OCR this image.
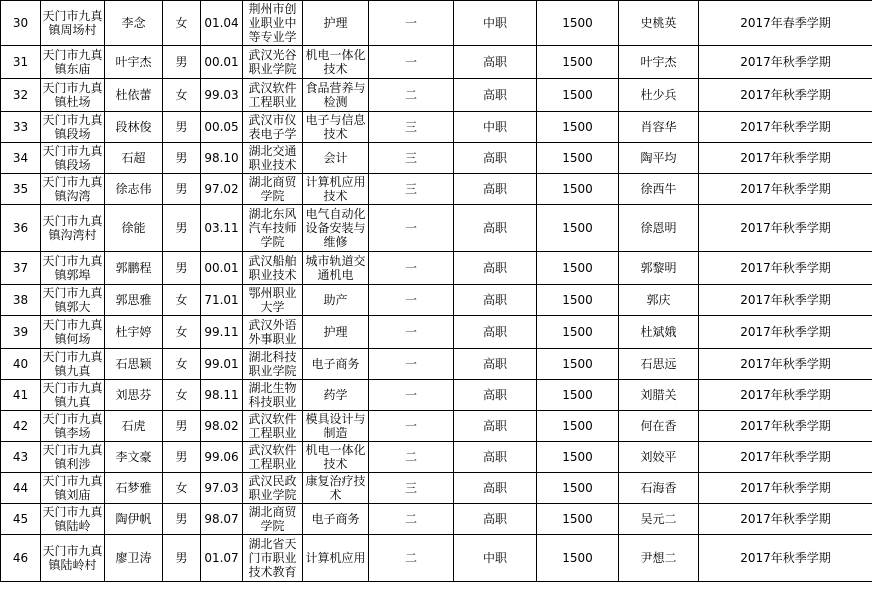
30	天门市九真镇周场村	李念	女	01.04	荆州市创业职业中等专业学	护理	一	中职	1500	史桃英	2017年春季学期
31	天门市九真镇东庙	叶宇杰	男	00.01	武汉光谷职业学院	机电一体化技术	一	高职	1500	叶宇杰	2017年秋季学期
32	天门市九真镇杜场	杜依蕾	女	99.03	武汉软件工程职业	食品营养与检测	二	高职	1500	杜少兵	2017年秋季学期
33	天门市九真镇段场	段林俊	男	00.05	武汉市仪表电子学	电子与信息技术	三	中职	1500	肖容华	2017年秋季学期
34	天门市九真镇段场	石超	男	98.10	湖北交通职业技术	会计	三	高职	1500	陶平均	2017年秋季学期
35	天门市九真镇沟湾	徐志伟	男	97.02	湖北商贸学院	计算机应用技术	三	高职	1500	徐西牛	2017年秋季学期
36	天门市九真镇沟湾村	徐能	男	03.11	湖北东风汽车技师学院	电气自动化设备安装与维修	一	高职	1500	徐恩明	2017年秋季学期
37	天门市九真镇郭埠	郭鹏程	男	00.01	武汉船舶职业技术	城市轨道交通机电	一	高职	1500	郭黎明	2017年秋季学期
38	天门市九真镇郭大	郭思雅	女	71.01	鄂州职业大学	助产	一	高职	1500	郭庆	2017年秋季学期
39	天门市九真镇何场	杜宇婷	女	99.11	武汉外语外事职业	护理	一	高职	1500	杜斌娥	2017年秋季学期
40	天门市九真镇九真	石思颖	女	99.01	湖北科技职业学院	电子商务	一	高职	1500	石思远	2017年秋季学期
41	天门市九真镇九真	刘思芬	女	98.11	湖北生物科技职业	药学	一	高职	1500	刘腊关	2017年秋季学期
42	天门市九真镇李场	石虎	男	98.02	武汉软件工程职业	模具设计与制造	一	高职	1500	何在香	2017年秋季学期
43	天门市九真镇利涉	李文豪	男	99.06	武汉软件工程职业	机电一体化技术	二	高职	1500	刘姣平	2017年秋季学期
44	天门市九真镇刘庙	石梦雅	女	97.03	武汉民政职业学院	康复治疗技术	三	高职	1500	石海香	2017年秋季学期
45	天门市九真镇陆岭	陶伊帆	男	98.07	湖北商贸学院	电子商务	二	高职	1500	吴元二	2017年秋季学期
46	天门市九真镇陆岭村	廖卫涛	男	01.07	湖北省天门市职业技术教育	计算机应用	二	中职	1500	尹想二	2017年秋季学期
